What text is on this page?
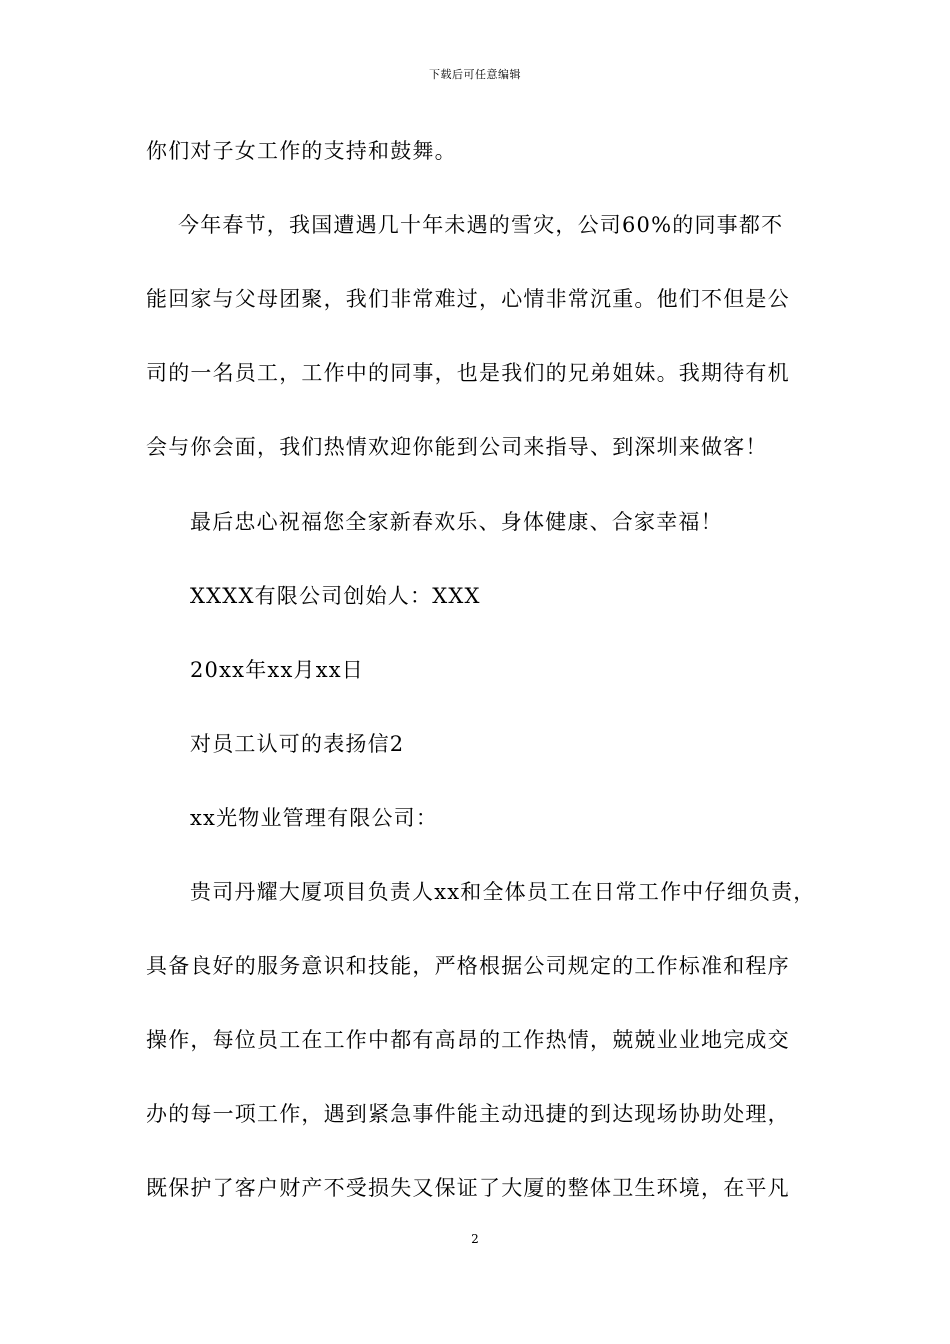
下载后可任意编辑
你们对子女工作的支持和鼓舞。
今年春节，我国遭遇几十年未遇的雪灾，公司60%的同事都不
能回家与父母团聚，我们非常难过，心情非常沉重。他们不但是公
司的一名员工，工作中的同事，也是我们的兄弟姐妹。我期待有机
会与你会面，我们热情欢迎你能到公司来指导、到深圳来做客！
最后忠心祝福您全家新春欢乐、身体健康、合家幸福！
XXXX有限公司创始人：XXX
20xx年xx月xx日
对员工认可的表扬信2
xx光物业管理有限公司：
贵司丹耀大厦项目负责人xx和全体员工在日常工作中仔细负责，
具备良好的服务意识和技能，严格根据公司规定的工作标准和程序
操作，每位员工在工作中都有高昂的工作热情，兢兢业业地完成交
办的每一项工作，遇到紧急事件能主动迅捷的到达现场协助处理，
既保护了客户财产不受损失又保证了大厦的整体卫生环境，在平凡
2
